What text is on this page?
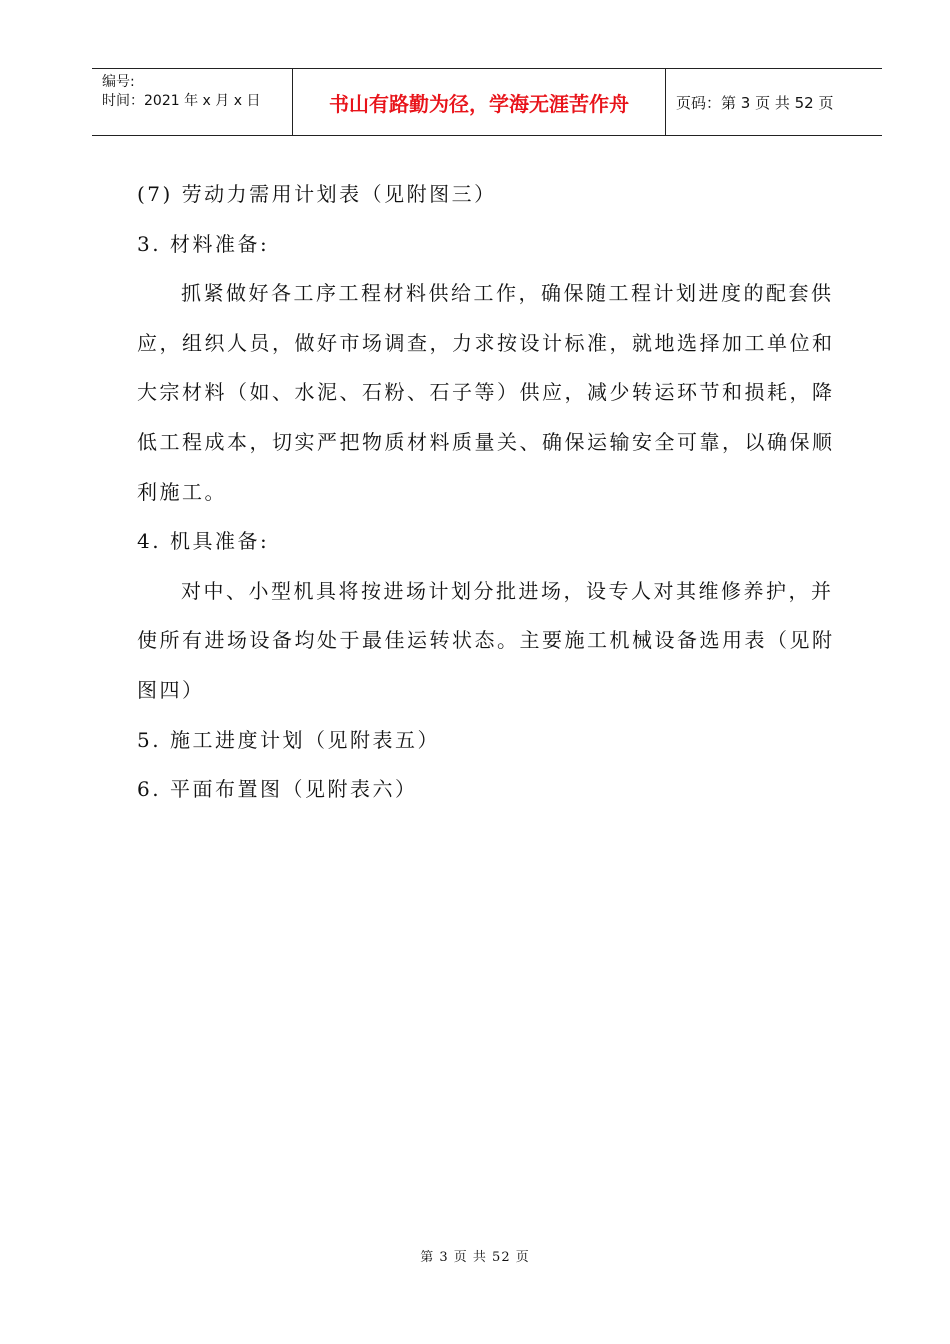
编号:
时间：2021 年 x 月 x 日	书山有路勤为径，学海无涯苦作舟	页码：第 3 页 共 52 页
(7) 劳动力需用计划表（见附图三）
3. 材料准备:
抓紧做好各工序工程材料供给工作，确保随工程计划进度的配套供
应，组织人员，做好市场调查，力求按设计标准，就地选择加工单位和
大宗材料（如、水泥、石粉、石子等）供应，减少转运环节和损耗，降
低工程成本，切实严把物质材料质量关、确保运输安全可靠，以确保顺
利施工。
4. 机具准备:
对中、小型机具将按进场计划分批进场，设专人对其维修养护，并
使所有进场设备均处于最佳运转状态。主要施工机械设备选用表（见附
图四）
5. 施工进度计划（见附表五）
6. 平面布置图（见附表六）
第 3 页 共 52 页
